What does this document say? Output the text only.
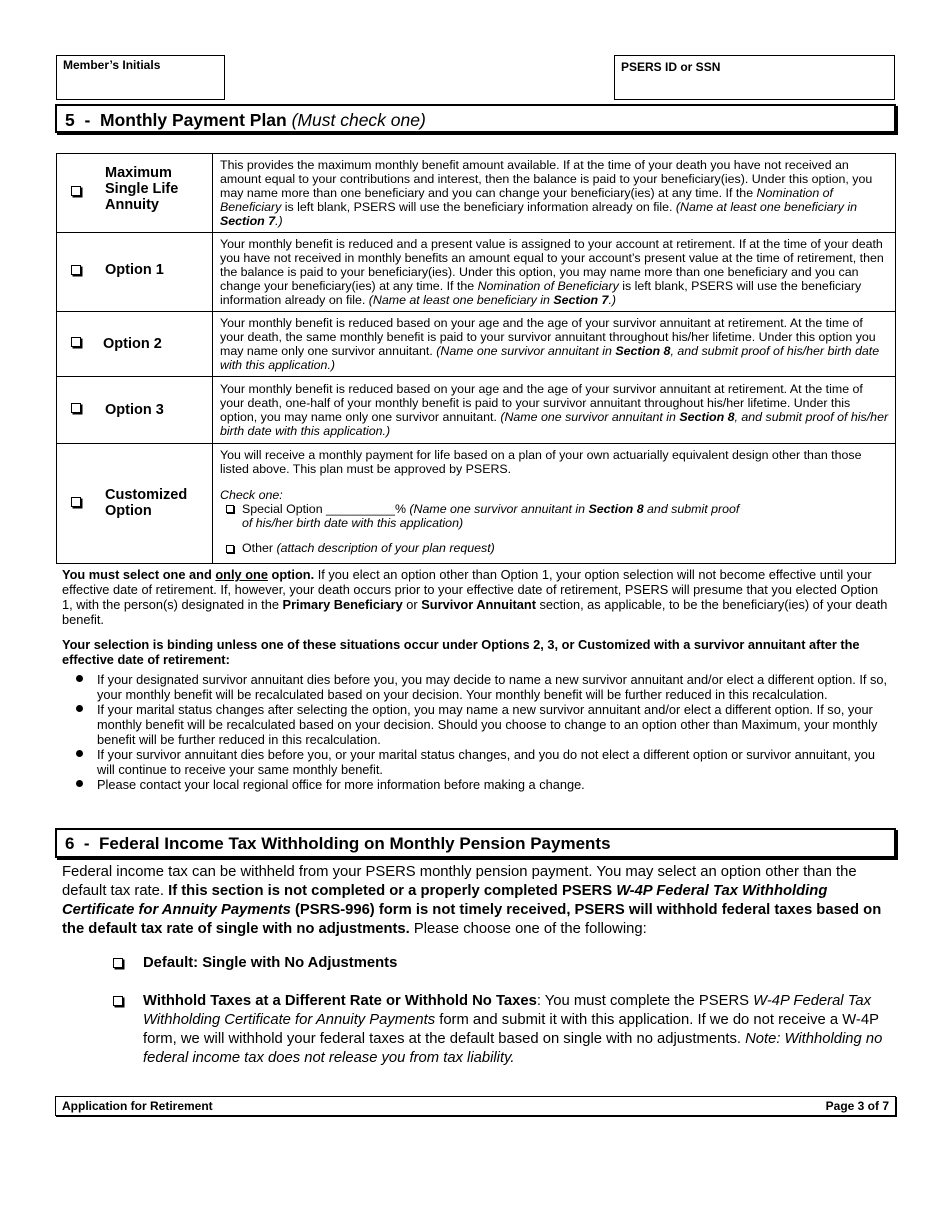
Member’s Initials	PSERS ID or SSN
5 - Monthly Payment Plan (Must check one)
Maximum Single Life Annuity	This provides the maximum monthly benefit amount available. If at the time of your death you have not received an amount equal to your contributions and interest, then the balance is paid to your beneficiary(ies). Under this option, you may name more than one beneficiary and you can change your beneficiary(ies) at any time. If the Nomination of Beneficiary is left blank, PSERS will use the beneficiary information already on file. (Name at least one beneficiary in Section 7.)

Option 1	Your monthly benefit is reduced and a present value is assigned to your account at retirement. If at the time of your death you have not received in monthly benefits an amount equal to your account’s present value at the time of retirement, then the balance is paid to your beneficiary(ies). Under this option, you may name more than one beneficiary and you can change your beneficiary(ies) at any time. If the Nomination of Beneficiary is left blank, PSERS will use the beneficiary information already on file. (Name at least one beneficiary in Section 7.)

Option 2	Your monthly benefit is reduced based on your age and the age of your survivor annuitant at retirement. At the time of your death, the same monthly benefit is paid to your survivor annuitant throughout his/her lifetime. Under this option you may name only one survivor annuitant. (Name one survivor annuitant in Section 8, and submit proof of his/her birth date with this application.)

Option 3	Your monthly benefit is reduced based on your age and the age of your survivor annuitant at retirement. At the time of your death, one-half of your monthly benefit is paid to your survivor annuitant throughout his/her lifetime. Under this option, you may name only one survivor annuitant. (Name one survivor annuitant in Section 8, and submit proof of his/her birth date with this application.)

Customized Option	You will receive a monthly payment for life based on a plan of your own actuarially equivalent design other than those listed above. This plan must be approved by PSERS.
Check one:
Special Option __________% (Name one survivor annuitant in Section 8 and submit proof
of his/her birth date with this application)
Other (attach description of your plan request)
You must select one and only one option. If you elect an option other than Option 1, your option selection will not become effective until your effective date of retirement. If, however, your death occurs prior to your effective date of retirement, PSERS will presume that you elected Option 1, with the person(s) designated in the Primary Beneficiary or Survivor Annuitant section, as applicable, to be the beneficiary(ies) of your death benefit.
Your selection is binding unless one of these situations occur under Options 2, 3, or Customized with a survivor annuitant after the effective date of retirement:
If your designated survivor annuitant dies before you, you may decide to name a new survivor annuitant and/or elect a different option. If so, your monthly benefit will be recalculated based on your decision. Your monthly benefit will be further reduced in this recalculation.
If your marital status changes after selecting the option, you may name a new survivor annuitant and/or elect a different option. If so, your monthly benefit will be recalculated based on your decision. Should you choose to change to an option other than Maximum, your monthly benefit will be further reduced in this recalculation.
If your survivor annuitant dies before you, or your marital status changes, and you do not elect a different option or survivor annuitant, you will continue to receive your same monthly benefit.
Please contact your local regional office for more information before making a change.
6 - Federal Income Tax Withholding on Monthly Pension Payments
Federal income tax can be withheld from your PSERS monthly pension payment. You may select an option other than the default tax rate. If this section is not completed or a properly completed PSERS W-4P Federal Tax Withholding Certificate for Annuity Payments (PSRS-996) form is not timely received, PSERS will withhold federal taxes based on the default tax rate of single with no adjustments. Please choose one of the following:
Default: Single with No Adjustments
Withhold Taxes at a Different Rate or Withhold No Taxes: You must complete the PSERS W-4P Federal Tax Withholding Certificate for Annuity Payments form and submit it with this application. If we do not receive a W-4P form, we will withhold your federal taxes at the default based on single with no adjustments. Note: Withholding no federal income tax does not release you from tax liability.
Application for Retirement	Page 3 of 7
